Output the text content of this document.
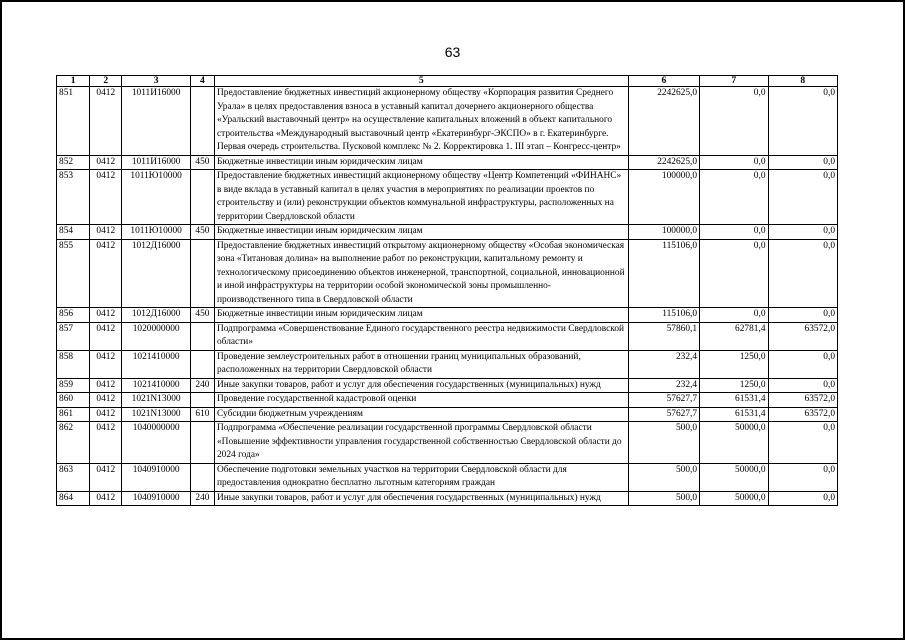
63
1	2	3	4	5	6	7	8
851	0412	1011И16000		Предоставление бюджетных инвестиций акционерному обществу «Корпорация развития Среднего Урала» в целях предоставления взноса в уставный капитал дочернего акционерного общества «Уральский выставочный центр» на осуществление капитальных вложений в объект капитального строительства «Международный выставочный центр «Екатеринбург-ЭКСПО» в г. Екатеринбурге. Первая очередь строительства. Пусковой комплекс № 2. Корректировка 1. III этап – Конгресс-центр»	2242625,0	0,0	0,0
852	0412	1011И16000	450	Бюджетные инвестиции иным юридическим лицам	2242625,0	0,0	0,0
853	0412	1011Ю10000		Предоставление бюджетных инвестиций акционерному обществу «Центр Компетенций «ФИНАНС» в виде вклада в уставный капитал в целях участия в мероприятиях по реализации проектов по строительству и (или) реконструкции объектов коммунальной инфраструктуры, расположенных на территории Свердловской области	100000,0	0,0	0,0
854	0412	1011Ю10000	450	Бюджетные инвестиции иным юридическим лицам	100000,0	0,0	0,0
855	0412	1012Д16000		Предоставление бюджетных инвестиций открытому акционерному обществу «Особая экономическая зона «Титановая долина» на выполнение работ по реконструкции, капитальному ремонту и технологическому присоединению объектов инженерной, транспортной, социальной, инновационной и иной инфраструктуры на территории особой экономической зоны промышленно-производственного типа в Свердловской области	115106,0	0,0	0,0
856	0412	1012Д16000	450	Бюджетные инвестиции иным юридическим лицам	115106,0	0,0	0,0
857	0412	1020000000		Подпрограмма «Совершенствование Единого государственного реестра недвижимости Свердловской области»	57860,1	62781,4	63572,0
858	0412	1021410000		Проведение землеустроительных работ в отношении границ муниципальных образований, расположенных на территории Свердловской области	232,4	1250,0	0,0
859	0412	1021410000	240	Иные закупки товаров, работ и услуг для обеспечения государственных (муниципальных) нужд	232,4	1250,0	0,0
860	0412	1021N13000		Проведение государственной кадастровой оценки	57627,7	61531,4	63572,0
861	0412	1021N13000	610	Субсидии бюджетным учреждениям	57627,7	61531,4	63572,0
862	0412	1040000000		Подпрограмма «Обеспечение реализации государственной программы Свердловской области «Повышение эффективности управления государственной собственностью Свердловской области до 2024 года»	500,0	50000,0	0,0
863	0412	1040910000		Обеспечение подготовки земельных участков на территории Свердловской области для предоставления однократно бесплатно льготным категориям граждан	500,0	50000,0	0,0
864	0412	1040910000	240	Иные закупки товаров, работ и услуг для обеспечения государственных (муниципальных) нужд	500,0	50000,0	0,0
